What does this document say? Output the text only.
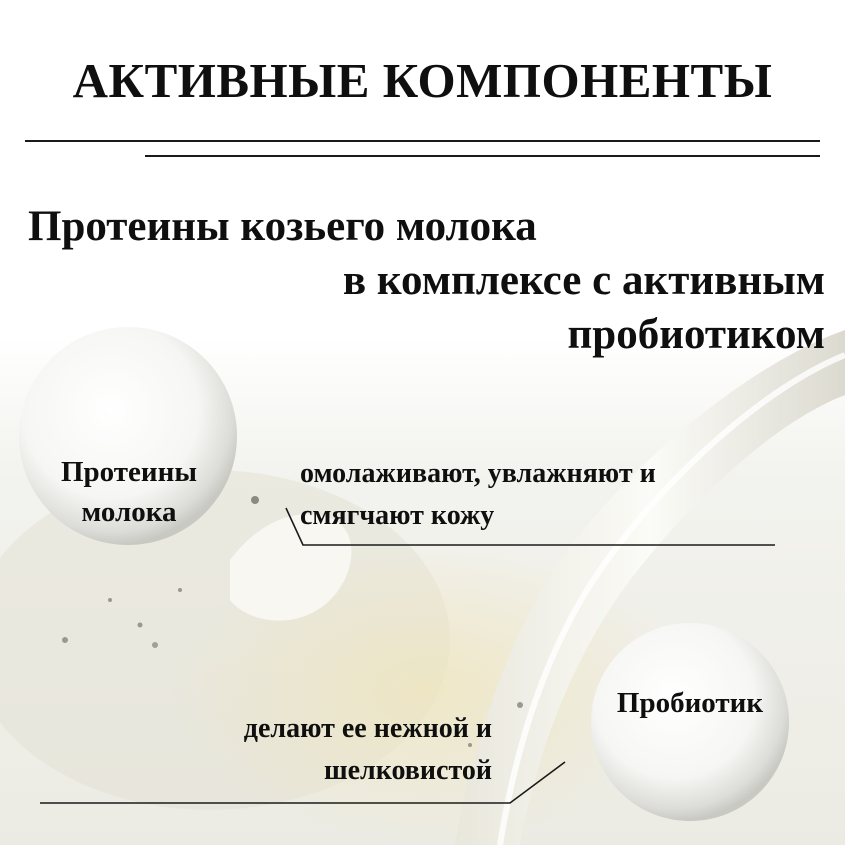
АКТИВНЫЕ КОМПОНЕНТЫ

Протеины козьего молока

в комплексе с активным

пробиотиком

Протеины
молока
омолаживают, увлажняют и
смягчают кожу
Пробиотик
делают ее нежной и
шелковистой
